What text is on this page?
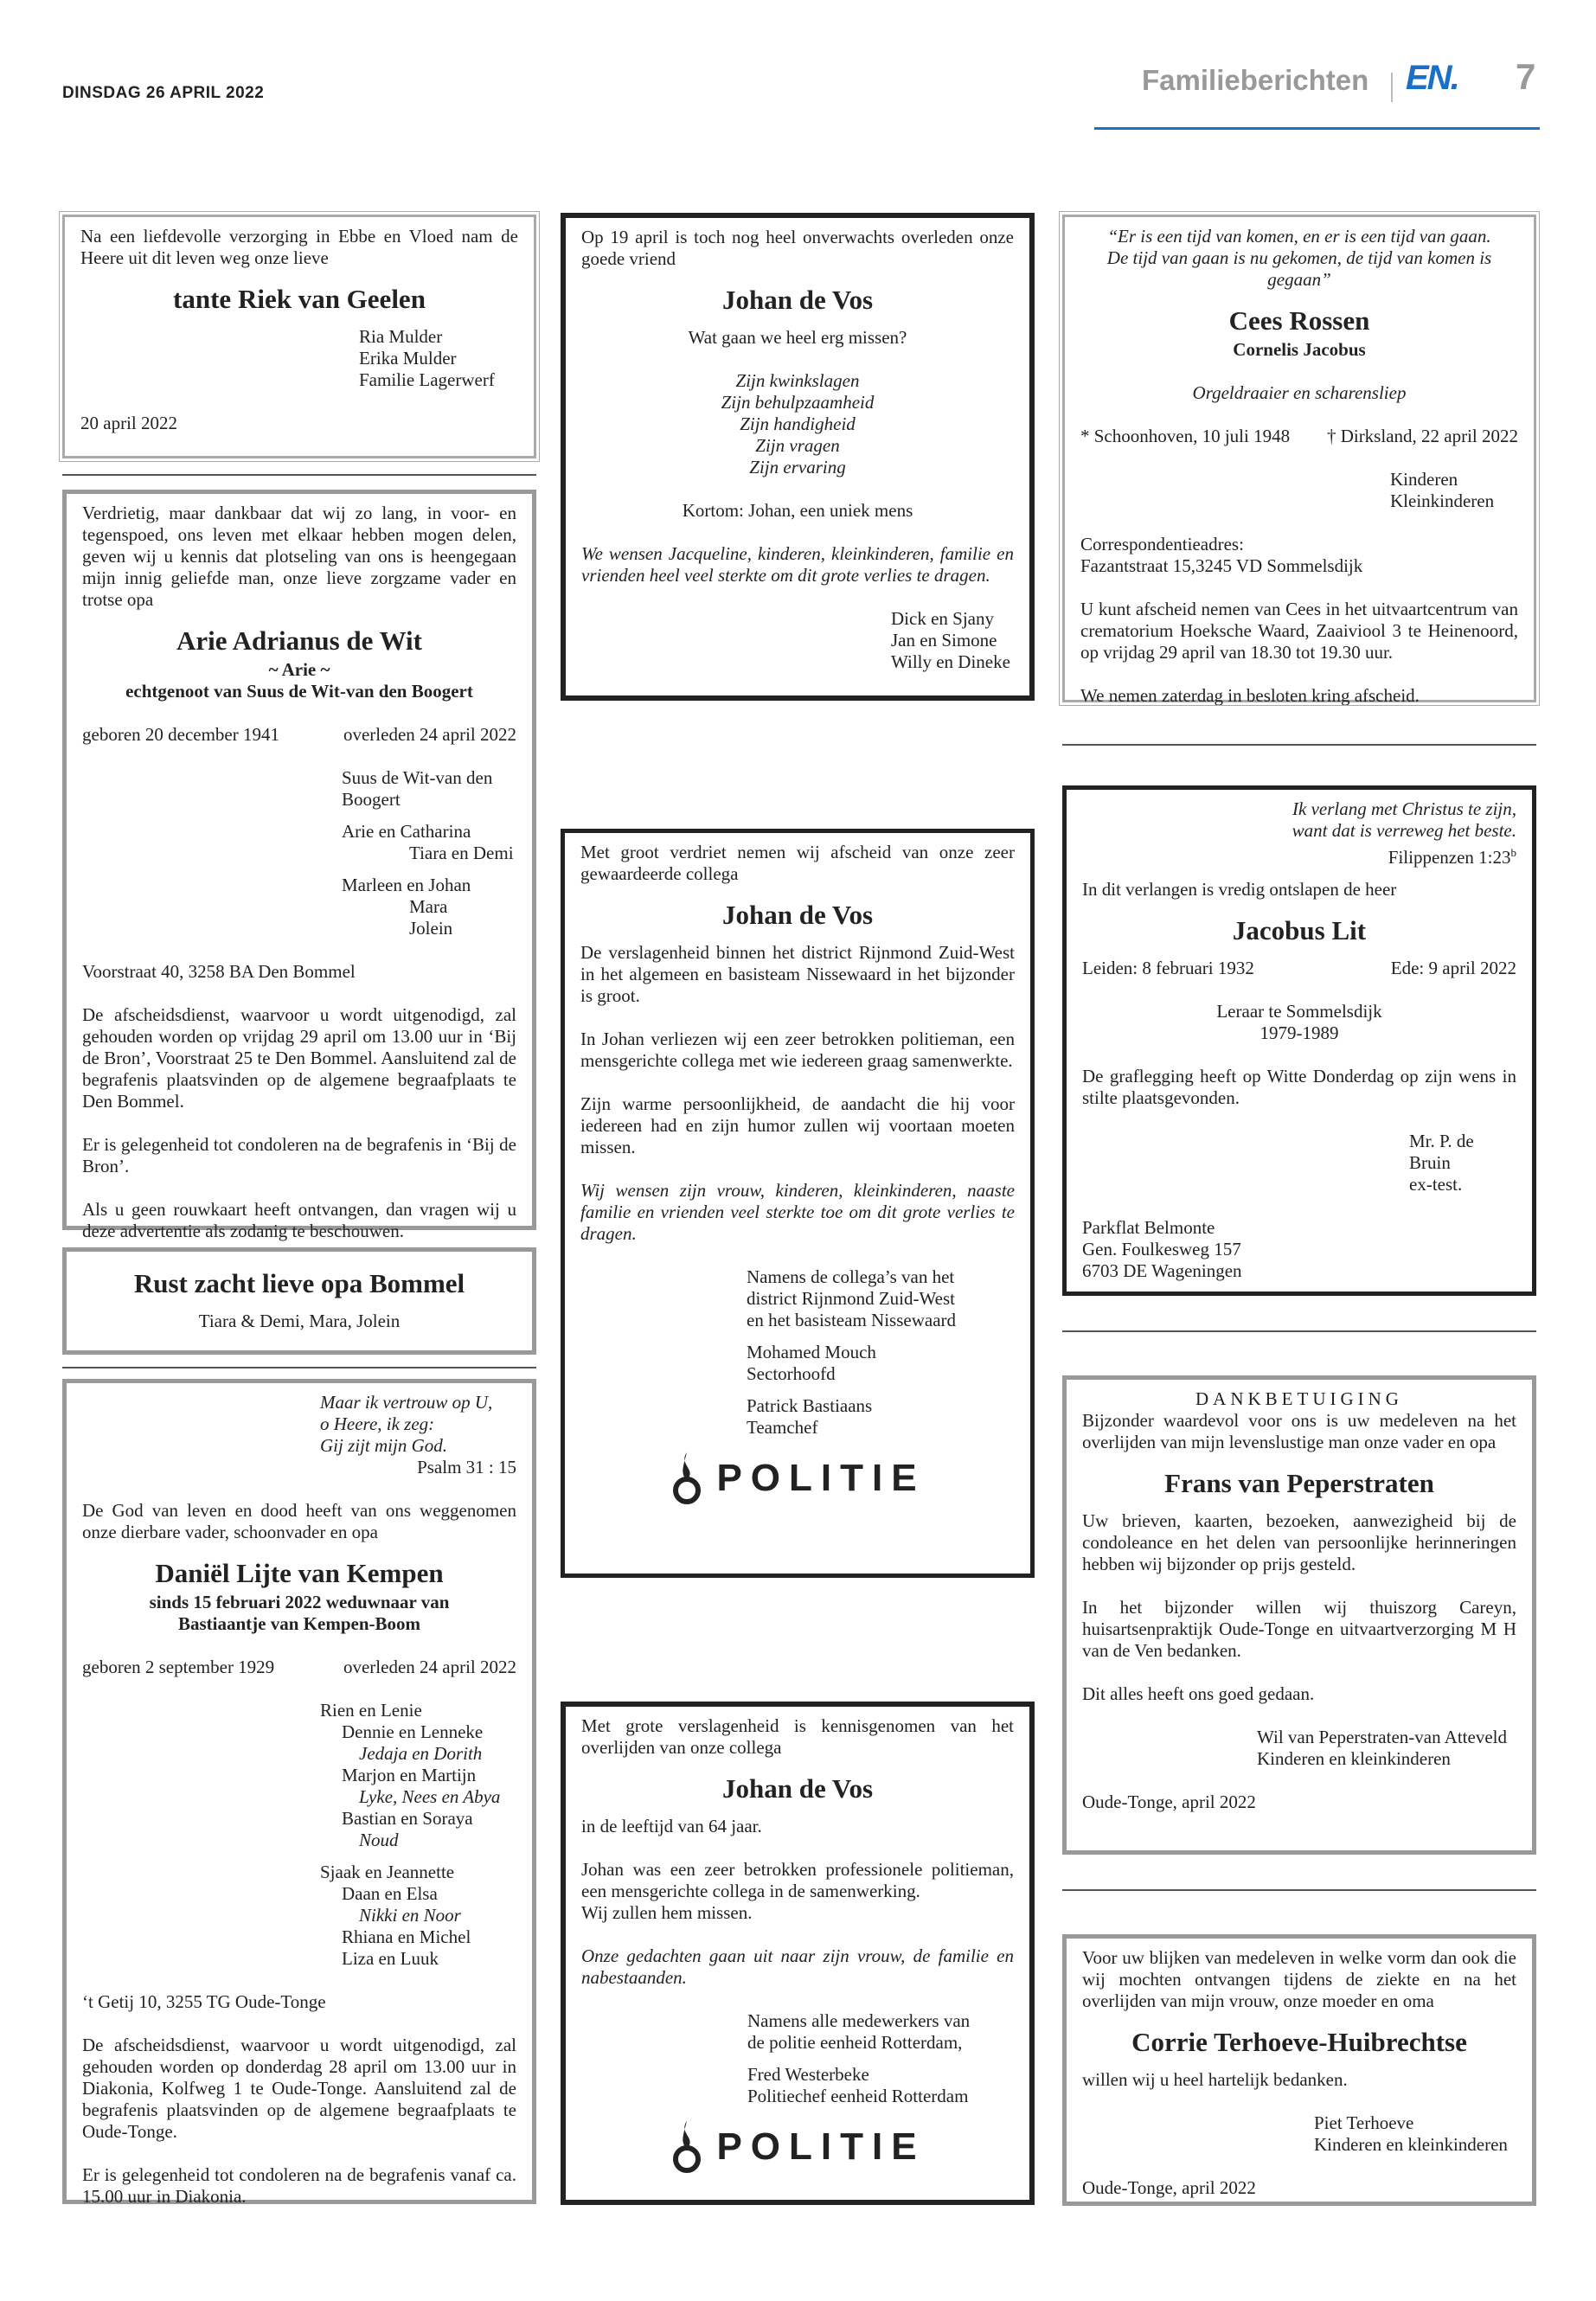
DINSDAG 26 APRIL 2022	Familieberichten EN. 7
Na een liefdevolle verzorging in Ebbe en Vloed nam de Heere uit dit leven weg onze lieve
tante Riek van Geelen
Ria Mulder
Erika Mulder
Familie Lagerwerf
20 april 2022
Verdrietig, maar dankbaar dat wij zo lang, in voor- en tegenspoed, ons leven met elkaar hebben mogen delen, geven wij u kennis dat plotseling van ons is heengegaan mijn innig geliefde man, onze lieve zorgzame vader en trotse opa
Arie Adrianus de Wit
~ Arie ~
echtgenoot van Suus de Wit-van den Boogert
geboren 20 december 1941	overleden 24 april 2022
Suus de Wit-van den Boogert
Arie en Catharina
Tiara en Demi
Marleen en Johan
Mara
Jolein
Voorstraat 40, 3258 BA Den Bommel
De afscheidsdienst, waarvoor u wordt uitgenodigd, zal gehouden worden op vrijdag 29 april om 13.00 uur in ‘Bij de Bron’, Voorstraat 25 te Den Bommel. Aansluitend zal de begrafenis plaatsvinden op de algemene begraafplaats te Den Bommel.
Er is gelegenheid tot condoleren na de begrafenis in ‘Bij de Bron’.
Als u geen rouwkaart heeft ontvangen, dan vragen wij u deze advertentie als zodanig te beschouwen.
Rust zacht lieve opa Bommel
Tiara & Demi, Mara, Jolein
Maar ik vertrouw op U,
o Heere, ik zeg:
Gij zijt mijn God.
Psalm 31 : 15
De God van leven en dood heeft van ons weggenomen onze dierbare vader, schoonvader en opa
Daniël Lijte van Kempen
sinds 15 februari 2022 weduwnaar van
Bastiaantje van Kempen-Boom
geboren 2 september 1929	overleden 24 april 2022
Rien en Lenie
Dennie en Lenneke
Jedaja en Dorith
Marjon en Martijn
Lyke, Nees en Abya
Bastian en Soraya
Noud
Sjaak en Jeannette
Daan en Elsa
Nikki en Noor
Rhiana en Michel
Liza en Luuk
‘t Getij 10, 3255 TG Oude-Tonge
De afscheidsdienst, waarvoor u wordt uitgenodigd, zal gehouden worden op donderdag 28 april om 13.00 uur in Diakonia, Kolfweg 1 te Oude-Tonge. Aansluitend zal de begrafenis plaatsvinden op de algemene begraafplaats te Oude-Tonge.
Er is gelegenheid tot condoleren na de begrafenis vanaf ca. 15.00 uur in Diakonia.
Op 19 april is toch nog heel onverwachts overleden onze goede vriend
Johan de Vos
Wat gaan we heel erg missen?
Zijn kwinkslagen
Zijn behulpzaamheid
Zijn handigheid
Zijn vragen
Zijn ervaring
Kortom: Johan, een uniek mens
We wensen Jacqueline, kinderen, kleinkinderen, familie en vrienden heel veel sterkte om dit grote verlies te dragen.
Dick en Sjany
Jan en Simone
Willy en Dineke
Met groot verdriet nemen wij afscheid van onze zeer gewaardeerde collega
Johan de Vos
De verslagenheid binnen het district Rijnmond Zuid-West in het algemeen en basisteam Nissewaard in het bijzonder is groot.
In Johan verliezen wij een zeer betrokken politieman, een mensgerichte collega met wie iedereen graag samenwerkte.
Zijn warme persoonlijkheid, de aandacht die hij voor iedereen had en zijn humor zullen wij voortaan moeten missen.
Wij wensen zijn vrouw, kinderen, kleinkinderen, naaste familie en vrienden veel sterkte toe om dit grote verlies te dragen.
Namens de collega’s van het
district Rijnmond Zuid-West
en het basisteam Nissewaard
Mohamed Mouch
Sectorhoofd
Patrick Bastiaans
Teamchef
POLITIE
Met grote verslagenheid is kennisgenomen van het overlijden van onze collega
Johan de Vos
in de leeftijd van 64 jaar.
Johan was een zeer betrokken professionele politieman, een mensgerichte collega in de samenwerking.
Wij zullen hem missen.
Onze gedachten gaan uit naar zijn vrouw, de familie en nabestaanden.
Namens alle medewerkers van
de politie eenheid Rotterdam,
Fred Westerbeke
Politiechef eenheid Rotterdam
POLITIE
“Er is een tijd van komen, en er is een tijd van gaan.
De tijd van gaan is nu gekomen, de tijd van komen is gegaan”
Cees Rossen
Cornelis Jacobus
Orgeldraaier en scharensliep
* Schoonhoven, 10 juli 1948 † Dirksland, 22 april 2022
Kinderen
Kleinkinderen
Correspondentieadres:
Fazantstraat 15,3245 VD Sommelsdijk
U kunt afscheid nemen van Cees in het uitvaartcentrum van crematorium Hoeksche Waard, Zaaiviool 3 te Heinenoord, op vrijdag 29 april van 18.30 tot 19.30 uur.
We nemen zaterdag in besloten kring afscheid.
Ik verlang met Christus te zijn,
want dat is verreweg het beste.
Filippenzen 1:23$^b$
In dit verlangen is vredig ontslapen de heer
Jacobus Lit
Leiden: 8 februari 1932	Ede: 9 april 2022
Leraar te Sommelsdijk
1979-1989
De graflegging heeft op Witte Donderdag op zijn wens in stilte plaatsgevonden.
Mr. P. de Bruin
ex-test.
Parkflat Belmonte
Gen. Foulkesweg 157
6703 DE Wageningen
DANKBETUIGING
Bijzonder waardevol voor ons is uw medeleven na het overlijden van mijn levenslustige man onze vader en opa
Frans van Peperstraten
Uw brieven, kaarten, bezoeken, aanwezigheid bij de condoleance en het delen van persoonlijke herinneringen hebben wij bijzonder op prijs gesteld.
In het bijzonder willen wij thuiszorg Careyn, huisartsenpraktijk Oude-Tonge en uitvaartverzorging M H van de Ven bedanken.
Dit alles heeft ons goed gedaan.
Wil van Peperstraten-van Atteveld
Kinderen en kleinkinderen
Oude-Tonge, april 2022
Voor uw blijken van medeleven in welke vorm dan ook die wij mochten ontvangen tijdens de ziekte en na het overlijden van mijn vrouw, onze moeder en oma
Corrie Terhoeve-Huibrechtse
willen wij u heel hartelijk bedanken.
Piet Terhoeve
Kinderen en kleinkinderen
Oude-Tonge, april 2022
